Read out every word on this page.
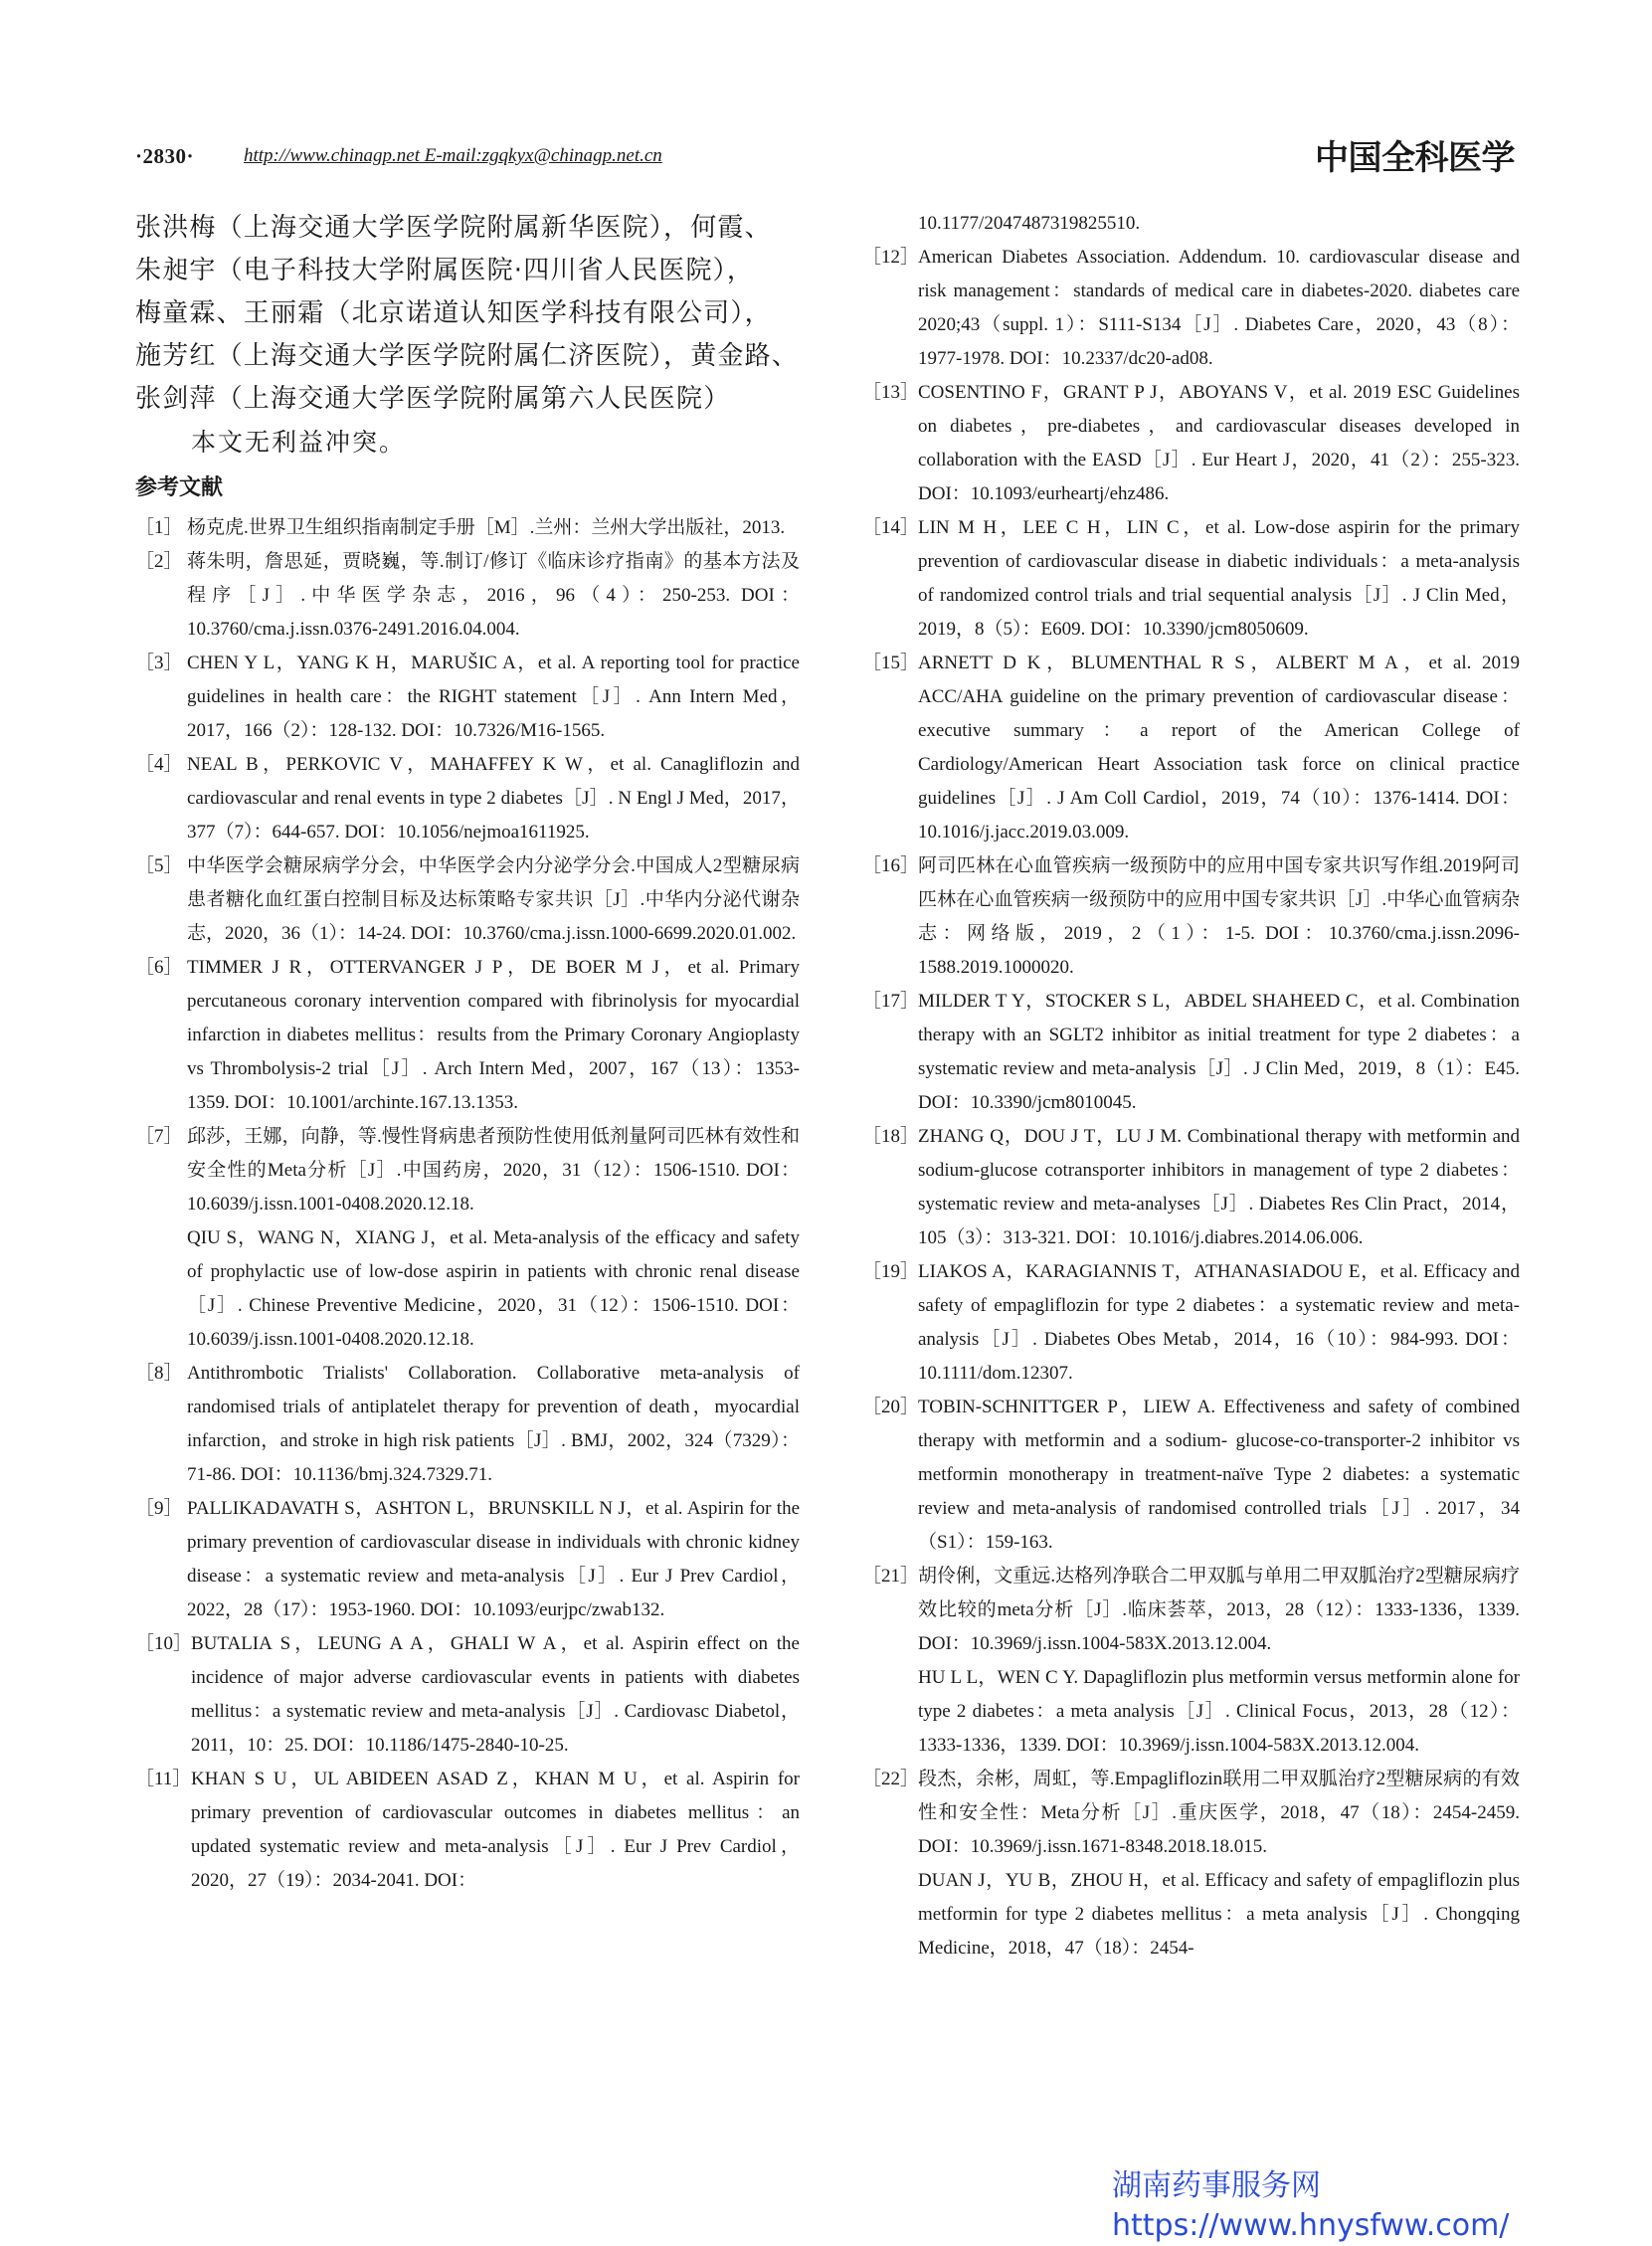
·2830·	http://www.chinagp.net E-mail:zgqkyx@chinagp.net.cn	中国全科医学

张洪梅（上海交通大学医学院附属新华医院），何霞、

朱昶宇（电子科技大学附属医院·四川省人民医院），

梅童霖、王丽霜（北京诺道认知医学科技有限公司），

施芳红（上海交通大学医学院附属仁济医院），黄金路、

张剑萍（上海交通大学医学院附属第六人民医院）

本文无利益冲突。

参考文献

［1］ 杨克虎.世界卫生组织指南制定手册［M］.兰州：兰州大学出版社，2013.
［2］ 蒋朱明，詹思延，贾晓巍，等.制订/修订《临床诊疗指南》的基本方法及程序［J］.中华医学杂志，2016，96（4）：250-253. DOI：10.3760/cma.j.issn.0376-2491.2016.04.004.
［3］ CHEN Y L，YANG K H，MARUŠIC A，et al. A reporting tool for practice guidelines in health care：the RIGHT statement［J］. Ann Intern Med，2017，166（2）：128-132. DOI：10.7326/M16-1565.
［4］ NEAL B，PERKOVIC V，MAHAFFEY K W，et al. Canagliflozin and cardiovascular and renal events in type 2 diabetes［J］. N Engl J Med，2017，377（7）：644-657. DOI：10.1056/nejmoa1611925.
［5］ 中华医学会糖尿病学分会，中华医学会内分泌学分会.中国成人2型糖尿病患者糖化血红蛋白控制目标及达标策略专家共识［J］.中华内分泌代谢杂志，2020，36（1）：14-24. DOI：10.3760/cma.j.issn.1000-6699.2020.01.002.
［6］ TIMMER J R，OTTERVANGER J P，DE BOER M J，et al. Primary percutaneous coronary intervention compared with fibrinolysis for myocardial infarction in diabetes mellitus：results from the Primary Coronary Angioplasty vs Thrombolysis-2 trial［J］. Arch Intern Med，2007，167（13）：1353-1359. DOI：10.1001/archinte.167.13.1353.
［7］ 邱莎，王娜，向静，等.慢性肾病患者预防性使用低剂量阿司匹林有效性和安全性的Meta分析［J］.中国药房，2020，31（12）：1506-1510. DOI：10.6039/j.issn.1001-0408.2020.12.18.
QIU S，WANG N，XIANG J，et al. Meta-analysis of the efficacy and safety of prophylactic use of low-dose aspirin in patients with chronic renal disease［J］. Chinese Preventive Medicine，2020，31（12）：1506-1510. DOI：10.6039/j.issn.1001-0408.2020.12.18.
［8］ Antithrombotic Trialists' Collaboration. Collaborative meta-analysis of randomised trials of antiplatelet therapy for prevention of death，myocardial infarction，and stroke in high risk patients［J］. BMJ，2002，324（7329）：71-86. DOI：10.1136/bmj.324.7329.71.
［9］ PALLIKADAVATH S，ASHTON L，BRUNSKILL N J，et al. Aspirin for the primary prevention of cardiovascular disease in individuals with chronic kidney disease：a systematic review and meta-analysis［J］. Eur J Prev Cardiol，2022，28（17）：1953-1960. DOI：10.1093/eurjpc/zwab132.
［10］
BUTALIA S，LEUNG A A，GHALI W A，et al. Aspirin effect on the incidence of major adverse cardiovascular events in patients with diabetes mellitus：a systematic review and meta-analysis［J］. Cardiovasc Diabetol，2011，10：25. DOI：10.1186/1475-2840-10-25.
［11］ KHAN S U，UL ABIDEEN ASAD Z，KHAN M U，et al. Aspirin for primary prevention of cardiovascular outcomes in diabetes mellitus：an updated systematic review and meta-analysis［J］. Eur J Prev Cardiol，2020，27（19）：2034-2041. DOI：
10.1177/2047487319825510.
［12］
American Diabetes Association. Addendum. 10. cardiovascular disease and risk management：standards of medical care in diabetes-2020. diabetes care 2020;43（suppl. 1）：S111-S134［J］. Diabetes Care，2020，43（8）：1977-1978. DOI：10.2337/dc20-ad08.
［13］
COSENTINO F，GRANT P J，ABOYANS V，et al. 2019 ESC Guidelines on diabetes，pre-diabetes，and cardiovascular diseases developed in collaboration with the EASD［J］. Eur Heart J，2020，41（2）：255-323. DOI：10.1093/eurheartj/ehz486.
［14］
LIN M H，LEE C H，LIN C，et al. Low-dose aspirin for the primary prevention of cardiovascular disease in diabetic individuals：a meta-analysis of randomized control trials and trial sequential analysis［J］. J Clin Med，2019，8（5）：E609. DOI：10.3390/jcm8050609.
［15］
ARNETT D K，BLUMENTHAL R S，ALBERT M A，et al. 2019 ACC/AHA guideline on the primary prevention of cardiovascular disease：executive summary：a report of the American College of Cardiology/American Heart Association task force on clinical practice guidelines［J］. J Am Coll Cardiol，2019，74（10）：1376-1414. DOI：10.1016/j.jacc.2019.03.009.
［16］
阿司匹林在心血管疾病一级预防中的应用中国专家共识写作组.2019阿司匹林在心血管疾病一级预防中的应用中国专家共识［J］.中华心血管病杂志：网络版，2019，2（1）：1-5. DOI：10.3760/cma.j.issn.2096-1588.2019.1000020.
［17］
MILDER T Y，STOCKER S L，ABDEL SHAHEED C，et al. Combination therapy with an SGLT2 inhibitor as initial treatment for type 2 diabetes：a systematic review and meta-analysis［J］. J Clin Med，2019，8（1）：E45. DOI：10.3390/jcm8010045.
［18］
ZHANG Q，DOU J T，LU J M. Combinational therapy with metformin and sodium-glucose cotransporter inhibitors in management of type 2 diabetes：systematic review and meta-analyses［J］. Diabetes Res Clin Pract，2014，105（3）：313-321. DOI：10.1016/j.diabres.2014.06.006.
［19］
LIAKOS A，KARAGIANNIS T，ATHANASIADOU E，et al. Efficacy and safety of empagliflozin for type 2 diabetes：a systematic review and meta-analysis［J］. Diabetes Obes Metab，2014，16（10）：984-993. DOI：10.1111/dom.12307.
［20］
TOBIN-SCHNITTGER P，LIEW A. Effectiveness and safety of combined therapy with metformin and a sodium- glucose-co-transporter-2 inhibitor vs metformin monotherapy in treatment-naïve Type 2 diabetes: a systematic review and meta-analysis of randomised controlled trials［J］. 2017，34（S1）：159-163.
［21］
胡伶俐，文重远.达格列净联合二甲双胍与单用二甲双胍治疗2型糖尿病疗效比较的meta分析［J］.临床荟萃，2013，28（12）：1333-1336，1339. DOI：10.3969/j.issn.1004-583X.2013.12.004.
HU L L，WEN C Y. Dapagliflozin plus metformin versus metformin alone for type 2 diabetes：a meta analysis［J］. Clinical Focus，2013，28（12）：1333-1336，1339. DOI：10.3969/j.issn.1004-583X.2013.12.004.
［22］
段杰，余彬，周虹，等.Empagliflozin联用二甲双胍治疗2型糖尿病的有效性和安全性：Meta分析［J］.重庆医学，2018，47（18）：2454-2459. DOI：10.3969/j.issn.1671-8348.2018.18.015.
DUAN J，YU B，ZHOU H，et al. Efficacy and safety of empagliflozin plus metformin for type 2 diabetes mellitus：a meta analysis［J］. Chongqing Medicine，2018，47（18）：2454-
湖南药事服务网
https://www.hnysfww.com/
